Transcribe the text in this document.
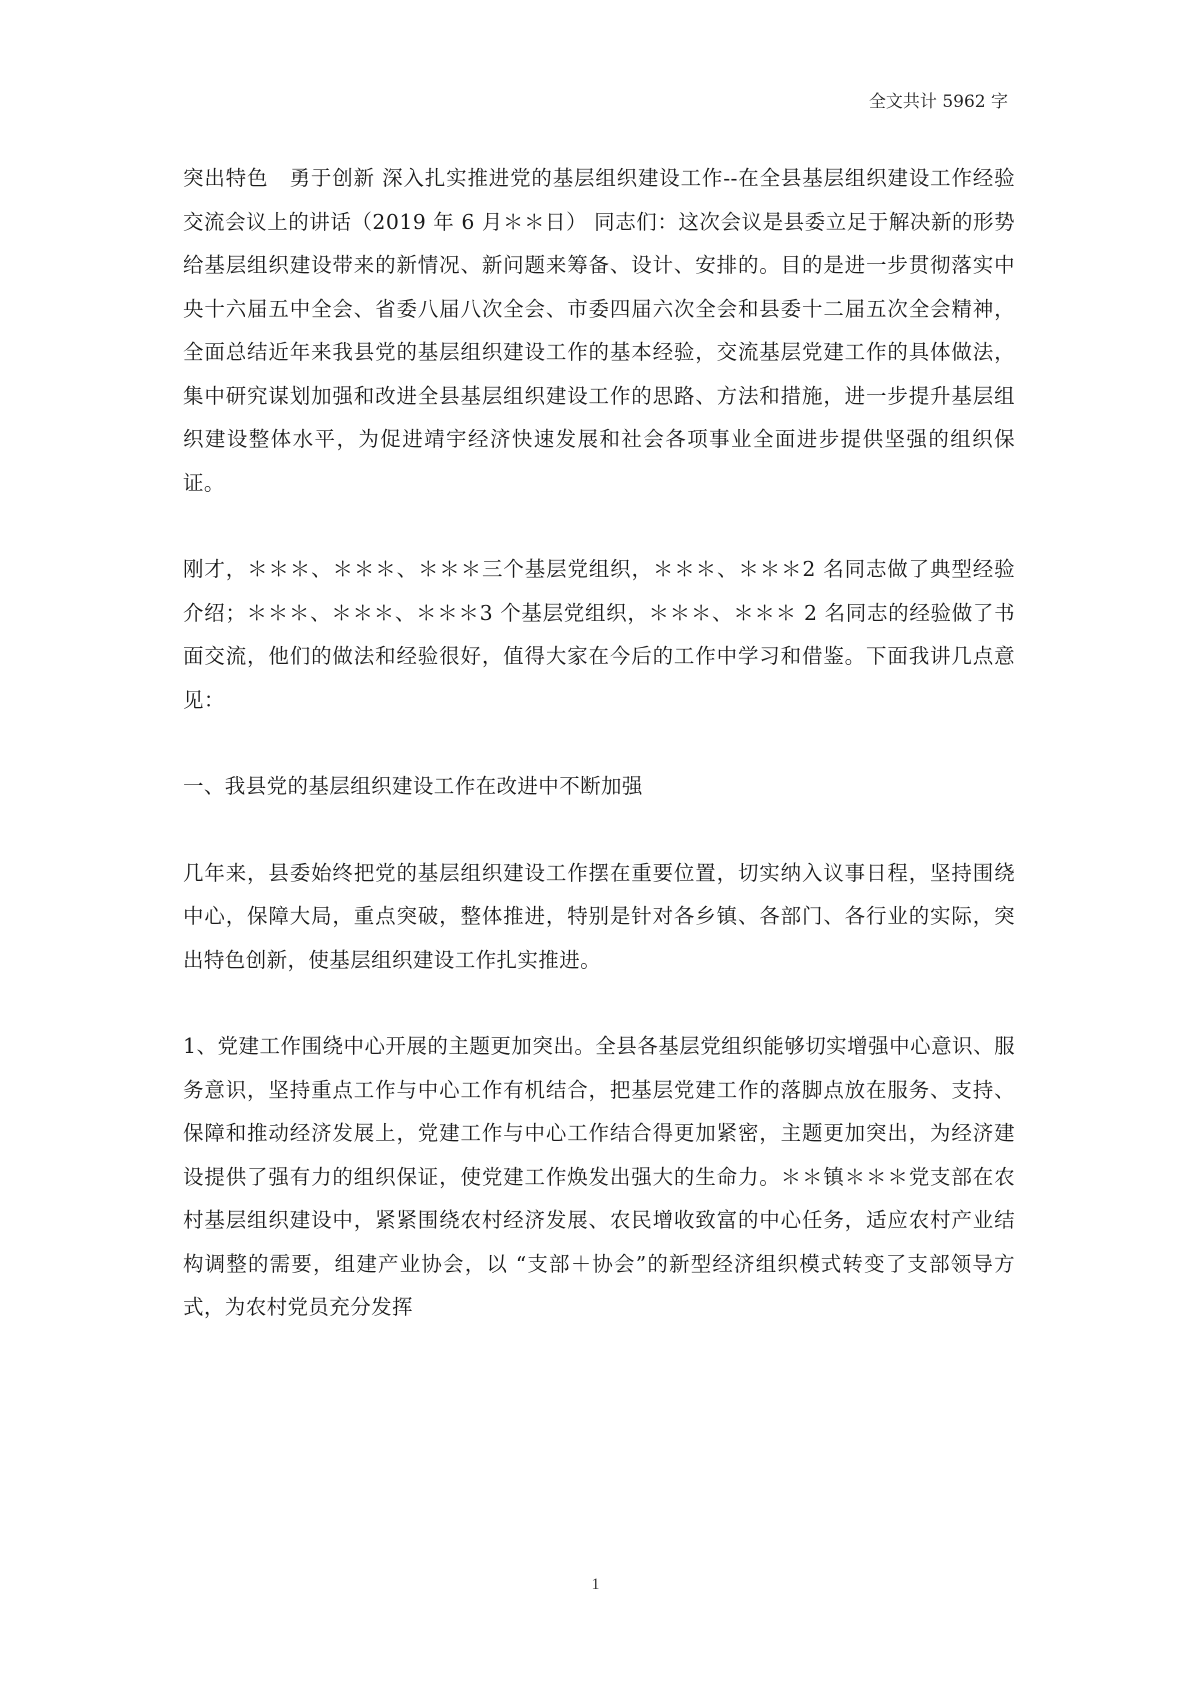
全文共计 5962 字

突出特色　勇于创新 深入扎实推进党的基层组织建设工作--在全县基层组织建设工作经验交流会议上的讲话（2019 年 6 月＊＊日） 同志们：这次会议是县委立足于解决新的形势给基层组织建设带来的新情况、新问题来筹备、设计、安排的。目的是进一步贯彻落实中央十六届五中全会、省委八届八次全会、市委四届六次全会和县委十二届五次全会精神，全面总结近年来我县党的基层组织建设工作的基本经验，交流基层党建工作的具体做法，集中研究谋划加强和改进全县基层组织建设工作的思路、方法和措施，进一步提升基层组织建设整体水平，为促进靖宇经济快速发展和社会各项事业全面进步提供坚强的组织保证。

刚才，＊＊＊、＊＊＊、＊＊＊三个基层党组织，＊＊＊、＊＊＊2 名同志做了典型经验介绍；＊＊＊、＊＊＊、＊＊＊3 个基层党组织，＊＊＊、＊＊＊ 2 名同志的经验做了书面交流，他们的做法和经验很好，值得大家在今后的工作中学习和借鉴。下面我讲几点意见：

一、我县党的基层组织建设工作在改进中不断加强

几年来，县委始终把党的基层组织建设工作摆在重要位置，切实纳入议事日程，坚持围绕中心，保障大局，重点突破，整体推进，特别是针对各乡镇、各部门、各行业的实际，突出特色创新，使基层组织建设工作扎实推进。

1、党建工作围绕中心开展的主题更加突出。全县各基层党组织能够切实增强中心意识、服务意识，坚持重点工作与中心工作有机结合，把基层党建工作的落脚点放在服务、支持、保障和推动经济发展上，党建工作与中心工作结合得更加紧密，主题更加突出，为经济建设提供了强有力的组织保证，使党建工作焕发出强大的生命力。＊＊镇＊＊＊党支部在农村基层组织建设中，紧紧围绕农村经济发展、农民增收致富的中心任务，适应农村产业结构调整的需要，组建产业协会，以 “支部＋协会”的新型经济组织模式转变了支部领导方式，为农村党员充分发挥

1
